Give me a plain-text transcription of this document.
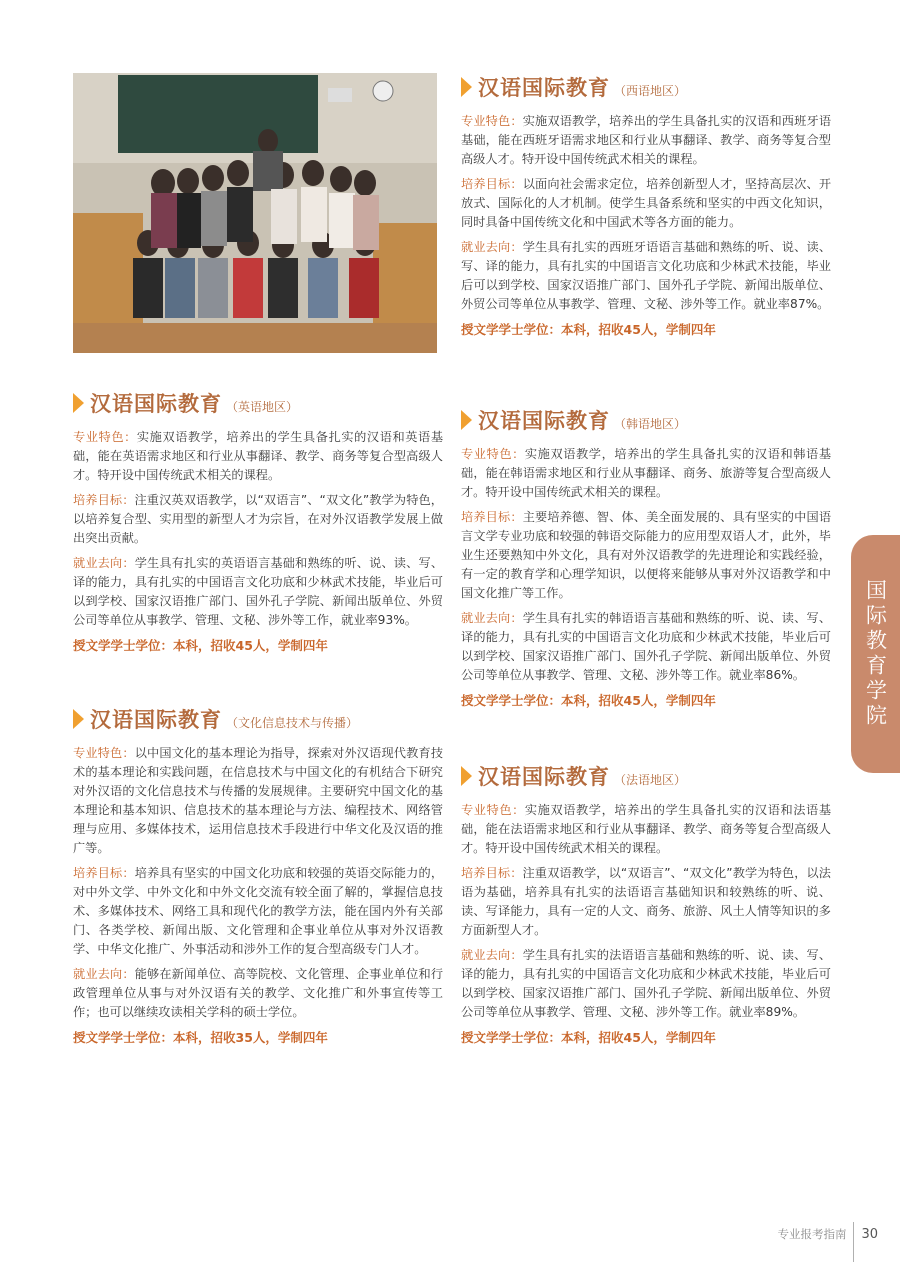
汉语国际教育 （英语地区）

专业特色：实施双语教学，培养出的学生具备扎实的汉语和英语基础，能在英语需求地区和行业从事翻译、教学、商务等复合型高级人才。特开设中国传统武术相关的课程。

培养目标：注重汉英双语教学，以“双语言”、“双文化”教学为特色，以培养复合型、实用型的新型人才为宗旨，在对外汉语教学发展上做出突出贡献。

就业去向：学生具有扎实的英语语言基础和熟练的听、说、读、写、译的能力，具有扎实的中国语言文化功底和少林武术技能，毕业后可以到学校、国家汉语推广部门、国外孔子学院、新闻出版单位、外贸公司等单位从事教学、管理、文秘、涉外等工作，就业率93%。

授文学学士学位：本科，招收45人，学制四年
汉语国际教育 （文化信息技术与传播）

专业特色：以中国文化的基本理论为指导，探索对外汉语现代教育技术的基本理论和实践问题，在信息技术与中国文化的有机结合下研究对外汉语的文化信息技术与传播的发展规律。主要研究中国文化的基本理论和基本知识、信息技术的基本理论与方法、编程技术、网络管理与应用、多媒体技术，运用信息技术手段进行中华文化及汉语的推广等。

培养目标：培养具有坚实的中国文化功底和较强的英语交际能力的，对中外文学、中外文化和中外文化交流有较全面了解的，掌握信息技术、多媒体技术、网络工具和现代化的教学方法，能在国内外有关部门、各类学校、新闻出版、文化管理和企事业单位从事对外汉语教学、中华文化推广、外事活动和涉外工作的复合型高级专门人才。

就业去向：能够在新闻单位、高等院校、文化管理、企事业单位和行政管理单位从事与对外汉语有关的教学、文化推广和外事宣传等工作；也可以继续攻读相关学科的硕士学位。

授文学学士学位：本科，招收35人，学制四年
汉语国际教育 （西语地区）

专业特色：实施双语教学，培养出的学生具备扎实的汉语和西班牙语基础，能在西班牙语需求地区和行业从事翻译、教学、商务等复合型高级人才。特开设中国传统武术相关的课程。

培养目标：以面向社会需求定位，培养创新型人才，坚持高层次、开放式、国际化的人才机制。使学生具备系统和坚实的中西文化知识，同时具备中国传统文化和中国武术等各方面的能力。

就业去向：学生具有扎实的西班牙语语言基础和熟练的听、说、读、写、译的能力，具有扎实的中国语言文化功底和少林武术技能，毕业后可以到学校、国家汉语推广部门、国外孔子学院、新闻出版单位、外贸公司等单位从事教学、管理、文秘、涉外等工作。就业率87%。

授文学学士学位：本科，招收45人，学制四年
汉语国际教育 （韩语地区）

专业特色：实施双语教学，培养出的学生具备扎实的汉语和韩语基础，能在韩语需求地区和行业从事翻译、商务、旅游等复合型高级人才。特开设中国传统武术相关的课程。

培养目标：主要培养德、智、体、美全面发展的、具有坚实的中国语言文学专业功底和较强的韩语交际能力的应用型双语人才，此外，毕业生还要熟知中外文化，具有对外汉语教学的先进理论和实践经验，有一定的教育学和心理学知识，以便将来能够从事对外汉语教学和中国文化推广等工作。

就业去向：学生具有扎实的韩语语言基础和熟练的听、说、读、写、译的能力，具有扎实的中国语言文化功底和少林武术技能，毕业后可以到学校、国家汉语推广部门、国外孔子学院、新闻出版单位、外贸公司等单位从事教学、管理、文秘、涉外等工作。就业率86%。

授文学学士学位：本科，招收45人，学制四年
汉语国际教育 （法语地区）

专业特色：实施双语教学，培养出的学生具备扎实的汉语和法语基础，能在法语需求地区和行业从事翻译、教学、商务等复合型高级人才。特开设中国传统武术相关的课程。

培养目标：注重双语教学，以“双语言”、“双文化”教学为特色，以法语为基础，培养具有扎实的法语语言基础知识和较熟练的听、说、读、写译能力，具有一定的人文、商务、旅游、风土人情等知识的多方面新型人才。

就业去向：学生具有扎实的法语语言基础和熟练的听、说、读、写、译的能力，具有扎实的中国语言文化功底和少林武术技能，毕业后可以到学校、国家汉语推广部门、国外孔子学院、新闻出版单位、外贸公司等单位从事教学、管理、文秘、涉外等工作。就业率89%。

授文学学士学位：本科，招收45人，学制四年
国际教育学院
专业报考指南 30
